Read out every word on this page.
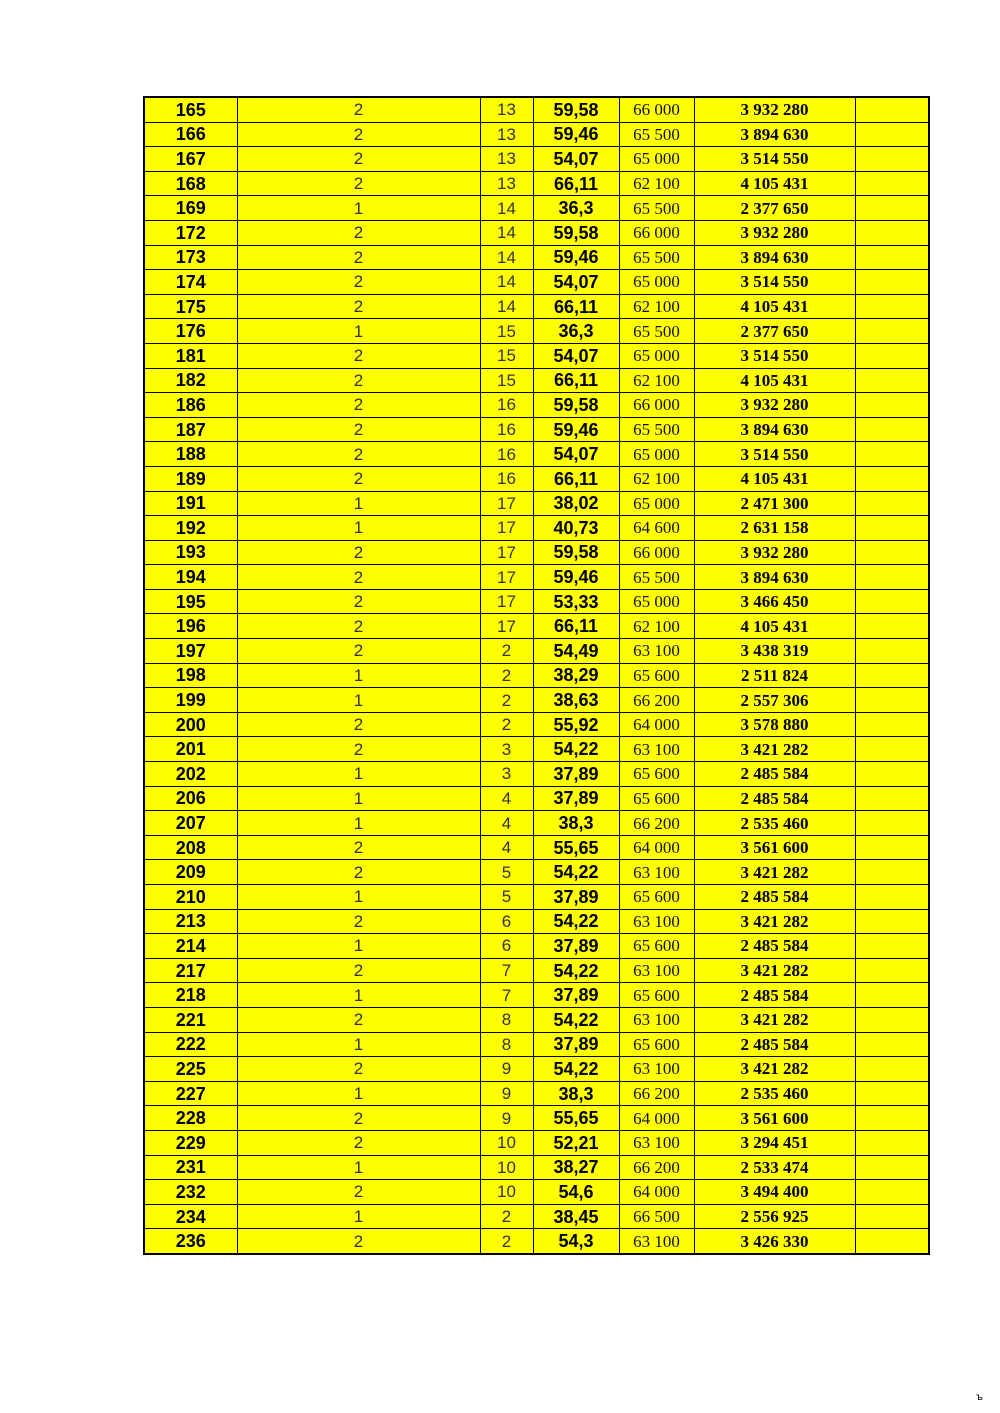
165	2	13	59,58	66 000	3 932 280	
166	2	13	59,46	65 500	3 894 630	
167	2	13	54,07	65 000	3 514 550	
168	2	13	66,11	62 100	4 105 431	
169	1	14	36,3	65 500	2 377 650	
172	2	14	59,58	66 000	3 932 280	
173	2	14	59,46	65 500	3 894 630	
174	2	14	54,07	65 000	3 514 550	
175	2	14	66,11	62 100	4 105 431	
176	1	15	36,3	65 500	2 377 650	
181	2	15	54,07	65 000	3 514 550	
182	2	15	66,11	62 100	4 105 431	
186	2	16	59,58	66 000	3 932 280	
187	2	16	59,46	65 500	3 894 630	
188	2	16	54,07	65 000	3 514 550	
189	2	16	66,11	62 100	4 105 431	
191	1	17	38,02	65 000	2 471 300	
192	1	17	40,73	64 600	2 631 158	
193	2	17	59,58	66 000	3 932 280	
194	2	17	59,46	65 500	3 894 630	
195	2	17	53,33	65 000	3 466 450	
196	2	17	66,11	62 100	4 105 431	
197	2	2	54,49	63 100	3 438 319	
198	1	2	38,29	65 600	2 511 824	
199	1	2	38,63	66 200	2 557 306	
200	2	2	55,92	64 000	3 578 880	
201	2	3	54,22	63 100	3 421 282	
202	1	3	37,89	65 600	2 485 584	
206	1	4	37,89	65 600	2 485 584	
207	1	4	38,3	66 200	2 535 460	
208	2	4	55,65	64 000	3 561 600	
209	2	5	54,22	63 100	3 421 282	
210	1	5	37,89	65 600	2 485 584	
213	2	6	54,22	63 100	3 421 282	
214	1	6	37,89	65 600	2 485 584	
217	2	7	54,22	63 100	3 421 282	
218	1	7	37,89	65 600	2 485 584	
221	2	8	54,22	63 100	3 421 282	
222	1	8	37,89	65 600	2 485 584	
225	2	9	54,22	63 100	3 421 282	
227	1	9	38,3	66 200	2 535 460	
228	2	9	55,65	64 000	3 561 600	
229	2	10	52,21	63 100	3 294 451	
231	1	10	38,27	66 200	2 533 474	
232	2	10	54,6	64 000	3 494 400	
234	1	2	38,45	66 500	2 556 925	
236	2	2	54,3	63 100	3 426 330	
ъ
